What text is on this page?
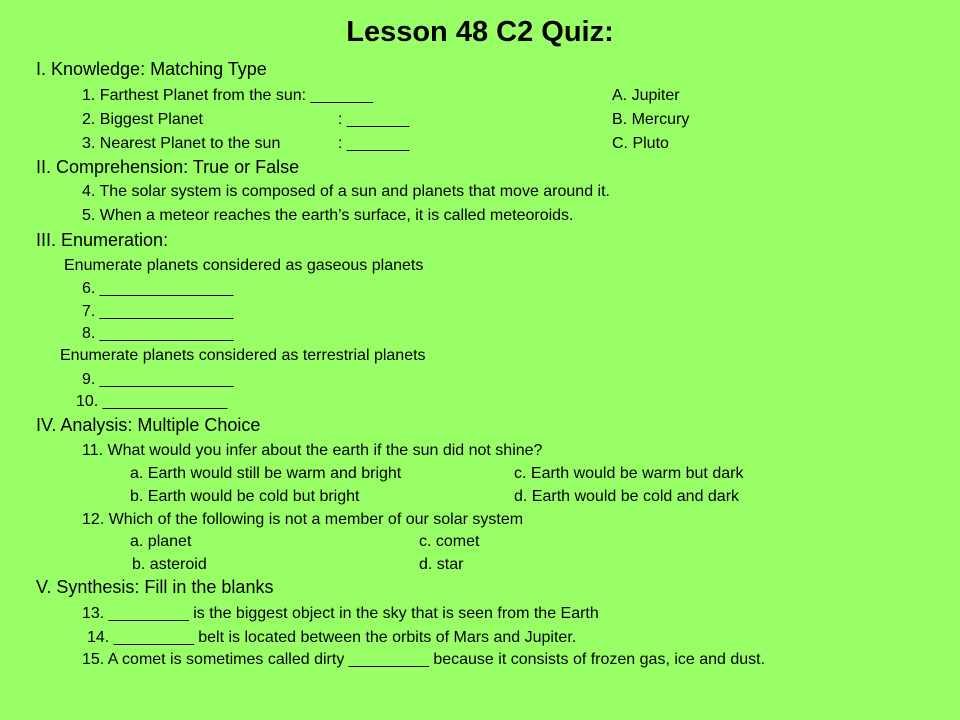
Lesson 48 C2 Quiz:
I. Knowledge: Matching Type
1. Farthest Planet from the sun: _______	A. Jupiter
2. Biggest Planet	: _______	B. Mercury
3. Nearest Planet to the sun	: _______	C. Pluto
II. Comprehension: True or False
4. The solar system is composed of a sun and planets that move around it.
5. When a meteor reaches the earth’s surface, it is called meteoroids.
III. Enumeration:
Enumerate planets considered as gaseous planets
6. _______________
7. _______________
8. _______________
Enumerate planets considered as terrestrial planets
9. _______________
10. ______________
IV. Analysis: Multiple Choice
11. What would you infer about the earth if the sun did not shine?
a. Earth would still be warm and bright	c. Earth would be warm but dark
b. Earth would be cold but bright	d. Earth would be cold and dark
12. Which of the following is not a member of our solar system
a. planet	c. comet
b. asteroid	d. star
V. Synthesis: Fill in the blanks
13. _________ is the biggest object in the sky that is seen from the Earth
14. _________ belt is located between the orbits of Mars and Jupiter.
15. A comet is sometimes called dirty _________ because it consists of frozen gas, ice and dust.
